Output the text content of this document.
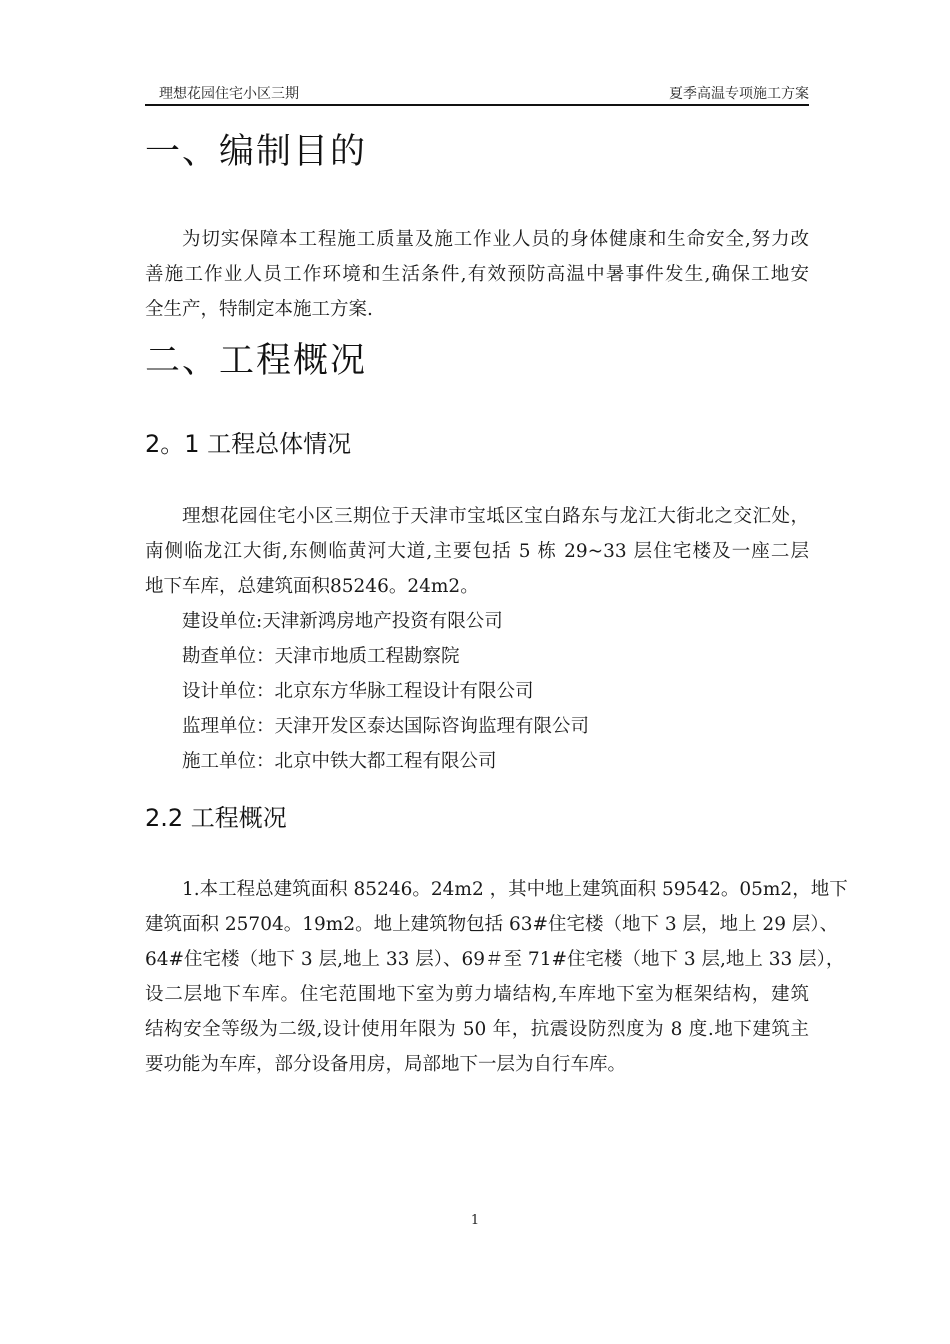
理想花园住宅小区三期	夏季高温专项施工方案
一、编制目的
为切实保障本工程施工质量及施工作业人员的身体健康和生命安全,努力改
善施工作业人员工作环境和生活条件,有效预防高温中暑事件发生,确保工地安
全生产，特制定本施工方案.
二、工程概况
2。1 工程总体情况
理想花园住宅小区三期位于天津市宝坻区宝白路东与龙江大街北之交汇处，
南侧临龙江大街,东侧临黄河大道,主要包括 5 栋 29~33 层住宅楼及一座二层
地下车库，总建筑面积85246。24m2。
建设单位:天津新鸿房地产投资有限公司
勘查单位：天津市地质工程勘察院
设计单位：北京东方华脉工程设计有限公司
监理单位：天津开发区泰达国际咨询监理有限公司
施工单位：北京中铁大都工程有限公司
2.2 工程概况
1.本工程总建筑面积 85246。24m2 ，其中地上建筑面积 59542。05m2，地下
建筑面积 25704。19m2。地上建筑物包括 63#住宅楼（地下 3 层，地上 29 层）、
64#住宅楼（地下 3 层,地上 33 层）、69＃至 71#住宅楼（地下 3 层,地上 33 层），
设二层地下车库。住宅范围地下室为剪力墙结构,车库地下室为框架结构，建筑
结构安全等级为二级,设计使用年限为 50 年，抗震设防烈度为 8 度.地下建筑主
要功能为车库，部分设备用房，局部地下一层为自行车库。
1
